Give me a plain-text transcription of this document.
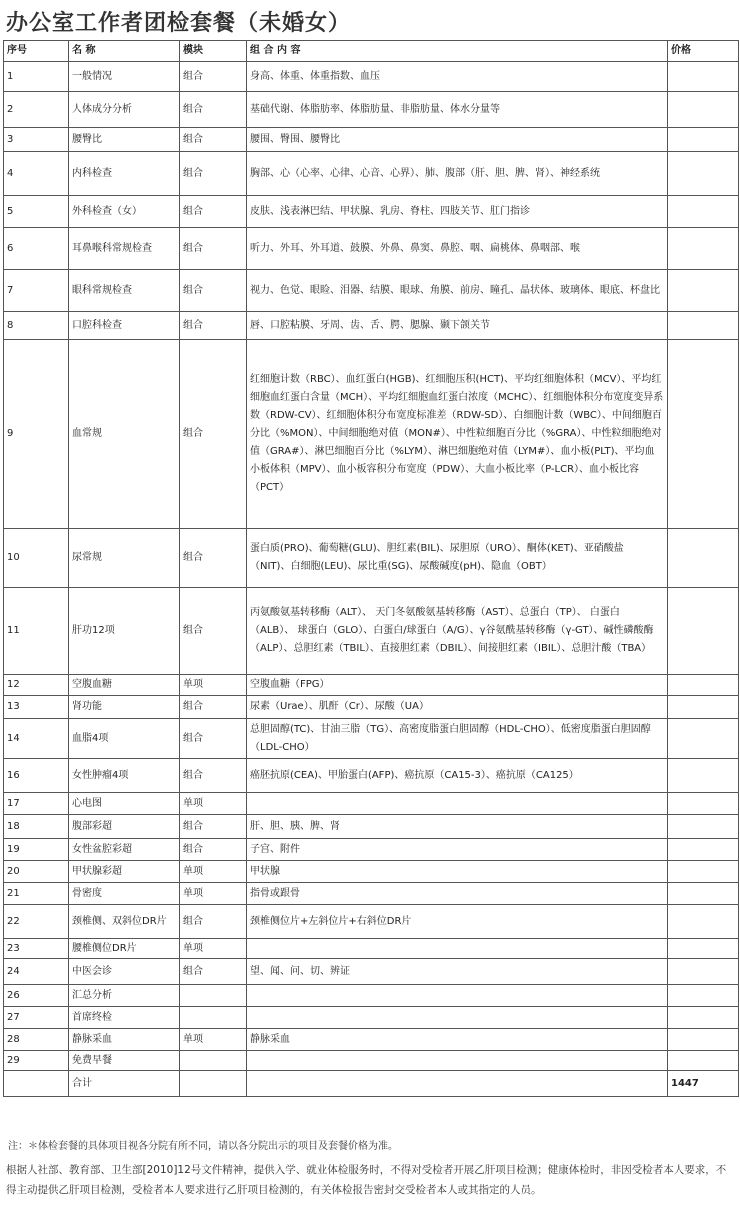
办公室工作者团检套餐（未婚女）
序号	名 称	模块	组 合 内 容	价格
1	一般情况	组合	身高、体重、体重指数、血压	
2	人体成分分析	组合	基础代谢、体脂肪率、体脂肪量、非脂肪量、体水分量等	
3	腰臀比	组合	腰围、臀围、腰臀比	
4	内科检查	组合	胸部、心（心率、心律、心音、心界）、肺、腹部（肝、胆、脾、肾）、神经系统	
5	外科检查（女）	组合	皮肤、浅表淋巴结、甲状腺、乳房、脊柱、四肢关节、肛门指诊	
6	耳鼻喉科常规检查	组合	听力、外耳、外耳道、鼓膜、外鼻、鼻窦、鼻腔、咽、扁桃体、鼻咽部、喉	
7	眼科常规检查	组合	视力、色觉、眼睑、泪器、结膜、眼球、角膜、前房、瞳孔、晶状体、玻璃体、眼底、杯盘比	
8	口腔科检查	组合	唇、口腔粘膜、牙周、齿、舌、腭、腮腺、颞下颌关节	
9	血常规	组合	红细胞计数（RBC）、血红蛋白(HGB)、红细胞压积(HCT)、平均红细胞体积（MCV）、平均红细胞血红蛋白含量（MCH）、平均红细胞血红蛋白浓度（MCHC）、红细胞体积分布宽度变异系数（RDW-CV）、红细胞体积分布宽度标准差（RDW-SD）、白细胞计数（WBC）、中间细胞百分比（%MON）、中间细胞绝对值（MON#）、中性粒细胞百分比（%GRA）、中性粒细胞绝对值（GRA#）、淋巴细胞百分比（%LYM）、淋巴细胞绝对值（LYM#）、血小板(PLT)、平均血小板体积（MPV）、血小板容积分布宽度（PDW）、大血小板比率（P-LCR）、血小板比容（PCT）	
10	尿常规	组合	蛋白质(PRO)、葡萄糖(GLU)、胆红素(BIL)、尿胆原（URO）、酮体(KET)、亚硝酸盐（NIT)、白细胞(LEU)、尿比重(SG)、尿酸碱度(pH)、隐血（OBT）	
11	肝功12项	组合	丙氨酸氨基转移酶（ALT）、 天门冬氨酸氨基转移酶（AST）、总蛋白（TP）、 白蛋白（ALB）、 球蛋白（GLO）、白蛋白/球蛋白（A/G）、γ谷氨酰基转移酶（γ-GT）、碱性磷酸酶（ALP）、总胆红素（TBIL）、直接胆红素（DBIL）、间接胆红素（IBIL）、总胆汁酸（TBA）	
12	空腹血糖	单项	空腹血糖（FPG）	
13	肾功能	组合	尿素（Urae）、肌酐（Cr）、尿酸（UA）	
14	血脂4项	组合	总胆固醇(TC)、甘油三脂（TG）、高密度脂蛋白胆固醇（HDL-CHO）、低密度脂蛋白胆固醇（LDL-CHO）	
16	女性肿瘤4项	组合	癌胚抗原(CEA)、甲胎蛋白(AFP)、癌抗原（CA15-3）、癌抗原（CA125）	
17	心电图	单项		
18	腹部彩超	组合	肝、胆、胰、脾、肾	
19	女性盆腔彩超	组合	子宫、附件	
20	甲状腺彩超	单项	甲状腺	
21	骨密度	单项	指骨或跟骨	
22	颈椎侧、双斜位DR片	组合	颈椎侧位片+左斜位片+右斜位DR片	
23	腰椎侧位DR片	单项		
24	中医会诊	组合	望、闻、问、切、辨证	
26	汇总分析			
27	首席终检			
28	静脉采血	单项	静脉采血	
29	免费早餐			
	合计			1447
注：＊体检套餐的具体项目视各分院有所不同，请以各分院出示的项目及套餐价格为准。
根据人社部、教育部、卫生部[2010]12号文件精神，提供入学、就业体检服务时，不得对受检者开展乙肝项目检测；健康体检时，非因受检者本人要求，不得主动提供乙肝项目检测，受检者本人要求进行乙肝项目检测的，有关体检报告密封交受检者本人或其指定的人员。
